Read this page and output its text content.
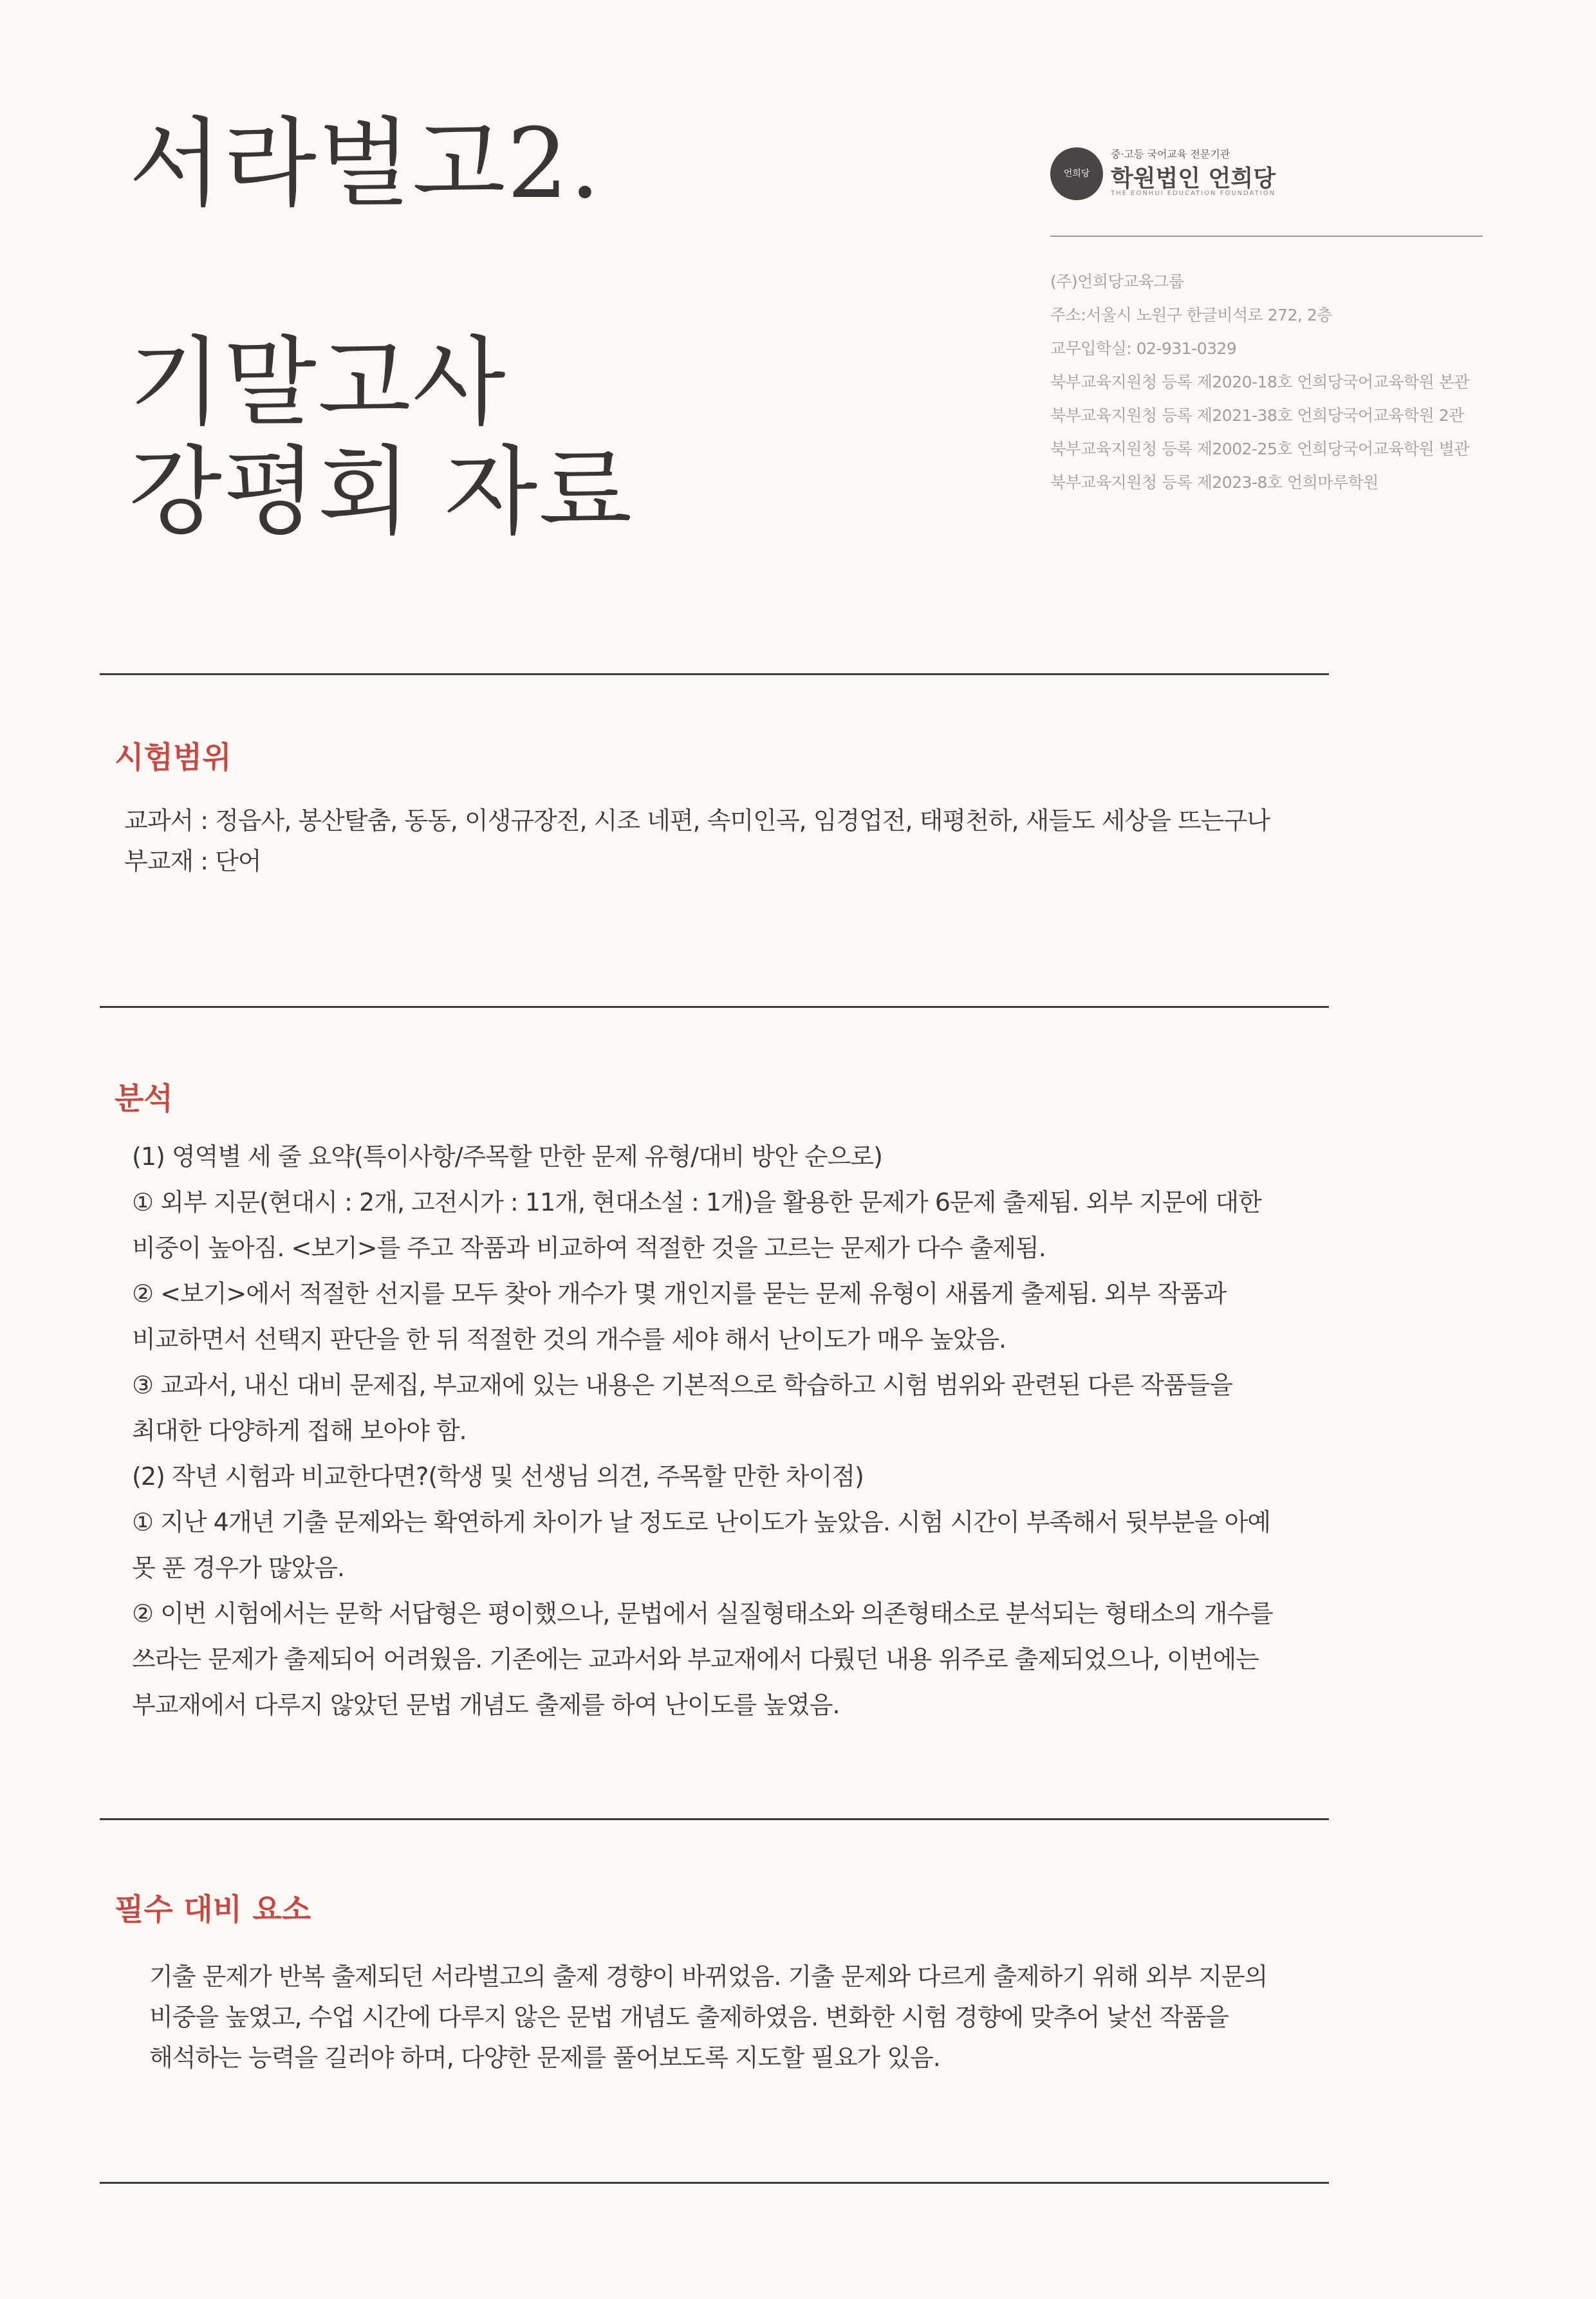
서라벌고2.
기말고사
강평회 자료
언희당
중·고등 국어교육 전문기관
학원법인 언희당
THE EONHUI EDUCATION FOUNDATION
(주)언희당교육그룹
주소:서울시 노원구 한글비석로 272, 2층
교무입학실: 02-931-0329
북부교육지원청 등록 제2020-18호 언희당국어교육학원 본관
북부교육지원청 등록 제2021-38호 언희당국어교육학원 2관
북부교육지원청 등록 제2002-25호 언희당국어교육학원 별관
북부교육지원청 등록 제2023-8호 언희마루학원
시험범위
교과서 : 정읍사, 봉산탈춤, 동동, 이생규장전, 시조 네편, 속미인곡, 임경업전, 태평천하, 새들도 세상을 뜨는구나
부교재 : 단어
분석
(1) 영역별 세 줄 요약(특이사항/주목할 만한 문제 유형/대비 방안 순으로)
① 외부 지문(현대시 : 2개, 고전시가 : 11개, 현대소설 : 1개)을 활용한 문제가 6문제 출제됨. 외부 지문에 대한
비중이 높아짐. <보기>를 주고 작품과 비교하여 적절한 것을 고르는 문제가 다수 출제됨.
② <보기>에서 적절한 선지를 모두 찾아 개수가 몇 개인지를 묻는 문제 유형이 새롭게 출제됨. 외부 작품과
비교하면서 선택지 판단을 한 뒤 적절한 것의 개수를 세야 해서 난이도가 매우 높았음.
③ 교과서, 내신 대비 문제집, 부교재에 있는 내용은 기본적으로 학습하고 시험 범위와 관련된 다른 작품들을
최대한 다양하게 접해 보아야 함.
(2) 작년 시험과 비교한다면?(학생 및 선생님 의견, 주목할 만한 차이점)
① 지난 4개년 기출 문제와는 확연하게 차이가 날 정도로 난이도가 높았음. 시험 시간이 부족해서 뒷부분을 아예
못 푼 경우가 많았음.
② 이번 시험에서는 문학 서답형은 평이했으나, 문법에서 실질형태소와 의존형태소로 분석되는 형태소의 개수를
쓰라는 문제가 출제되어 어려웠음. 기존에는 교과서와 부교재에서 다뤘던 내용 위주로 출제되었으나, 이번에는
부교재에서 다루지 않았던 문법 개념도 출제를 하여 난이도를 높였음.
필수 대비 요소
기출 문제가 반복 출제되던 서라벌고의 출제 경향이 바뀌었음. 기출 문제와 다르게 출제하기 위해 외부 지문의
비중을 높였고, 수업 시간에 다루지 않은 문법 개념도 출제하였음. 변화한 시험 경향에 맞추어 낯선 작품을
해석하는 능력을 길러야 하며, 다양한 문제를 풀어보도록 지도할 필요가 있음.
